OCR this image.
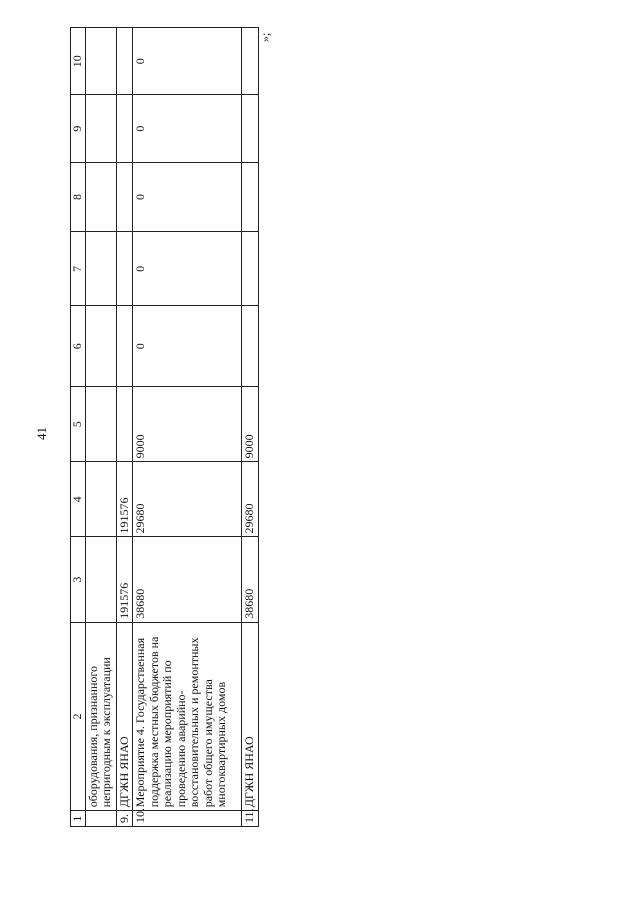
41
»;
1	2	3	4	5	6	7	8	9	10
	оборудования, признанного непригодным к эксплуатации								
9.	ДГЖН ЯНАО	191576	191576						
10.	Мероприятие 4. Государственная поддержка местных бюджетов на реализацию мероприятий по проведению аварийно-восстановительных и ремонтных работ общего имущества многоквартирных домов	38680	29680	9000	0	0	0	0	0
11.	ДГЖН ЯНАО	38680	29680	9000					
